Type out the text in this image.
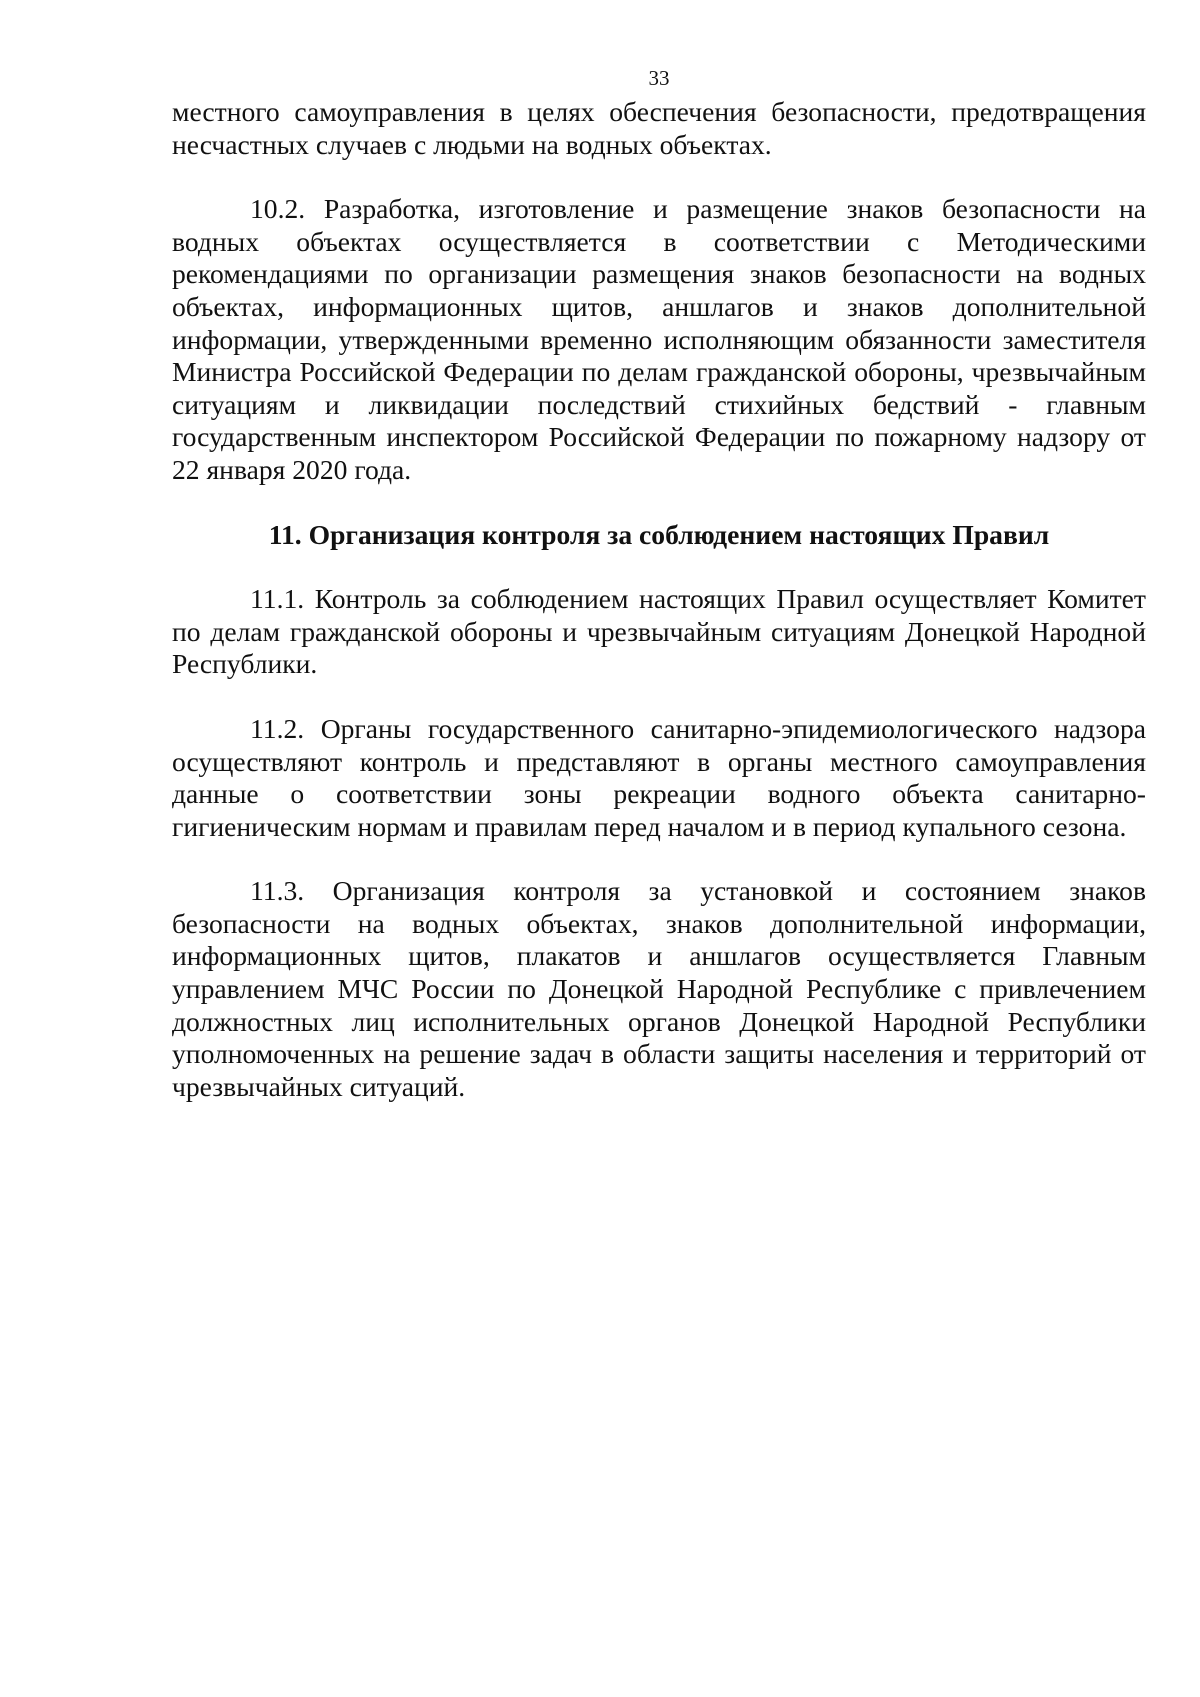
33

местного самоуправления в целях обеспечения безопасности, предотвращения несчастных случаев с людьми на водных объектах.

10.2. Разработка, изготовление и размещение знаков безопасности на водных объектах осуществляется в соответствии с Методическими рекомендациями по организации размещения знаков безопасности на водных объектах, информационных щитов, аншлагов и знаков дополнительной информации, утвержденными временно исполняющим обязанности заместителя Министра Российской Федерации по делам гражданской обороны, чрезвычайным ситуациям и ликвидации последствий стихийных бедствий - главным государственным инспектором Российской Федерации по пожарному надзору от 22 января 2020 года.

11. Организация контроля за соблюдением настоящих Правил

11.1. Контроль за соблюдением настоящих Правил осуществляет Комитет по делам гражданской обороны и чрезвычайным ситуациям Донецкой Народной Республики.

11.2. Органы государственного санитарно-эпидемиологического надзора осуществляют контроль и представляют в органы местного самоуправления данные о соответствии зоны рекреации водного объекта санитарно-гигиеническим нормам и правилам перед началом и в период купального сезона.

11.3. Организация контроля за установкой и состоянием знаков безопасности на водных объектах, знаков дополнительной информации, информационных щитов, плакатов и аншлагов осуществляется Главным управлением МЧС России по Донецкой Народной Республике с привлечением должностных лиц исполнительных органов Донецкой Народной Республики уполномоченных на решение задач в области защиты населения и территорий от чрезвычайных ситуаций.
